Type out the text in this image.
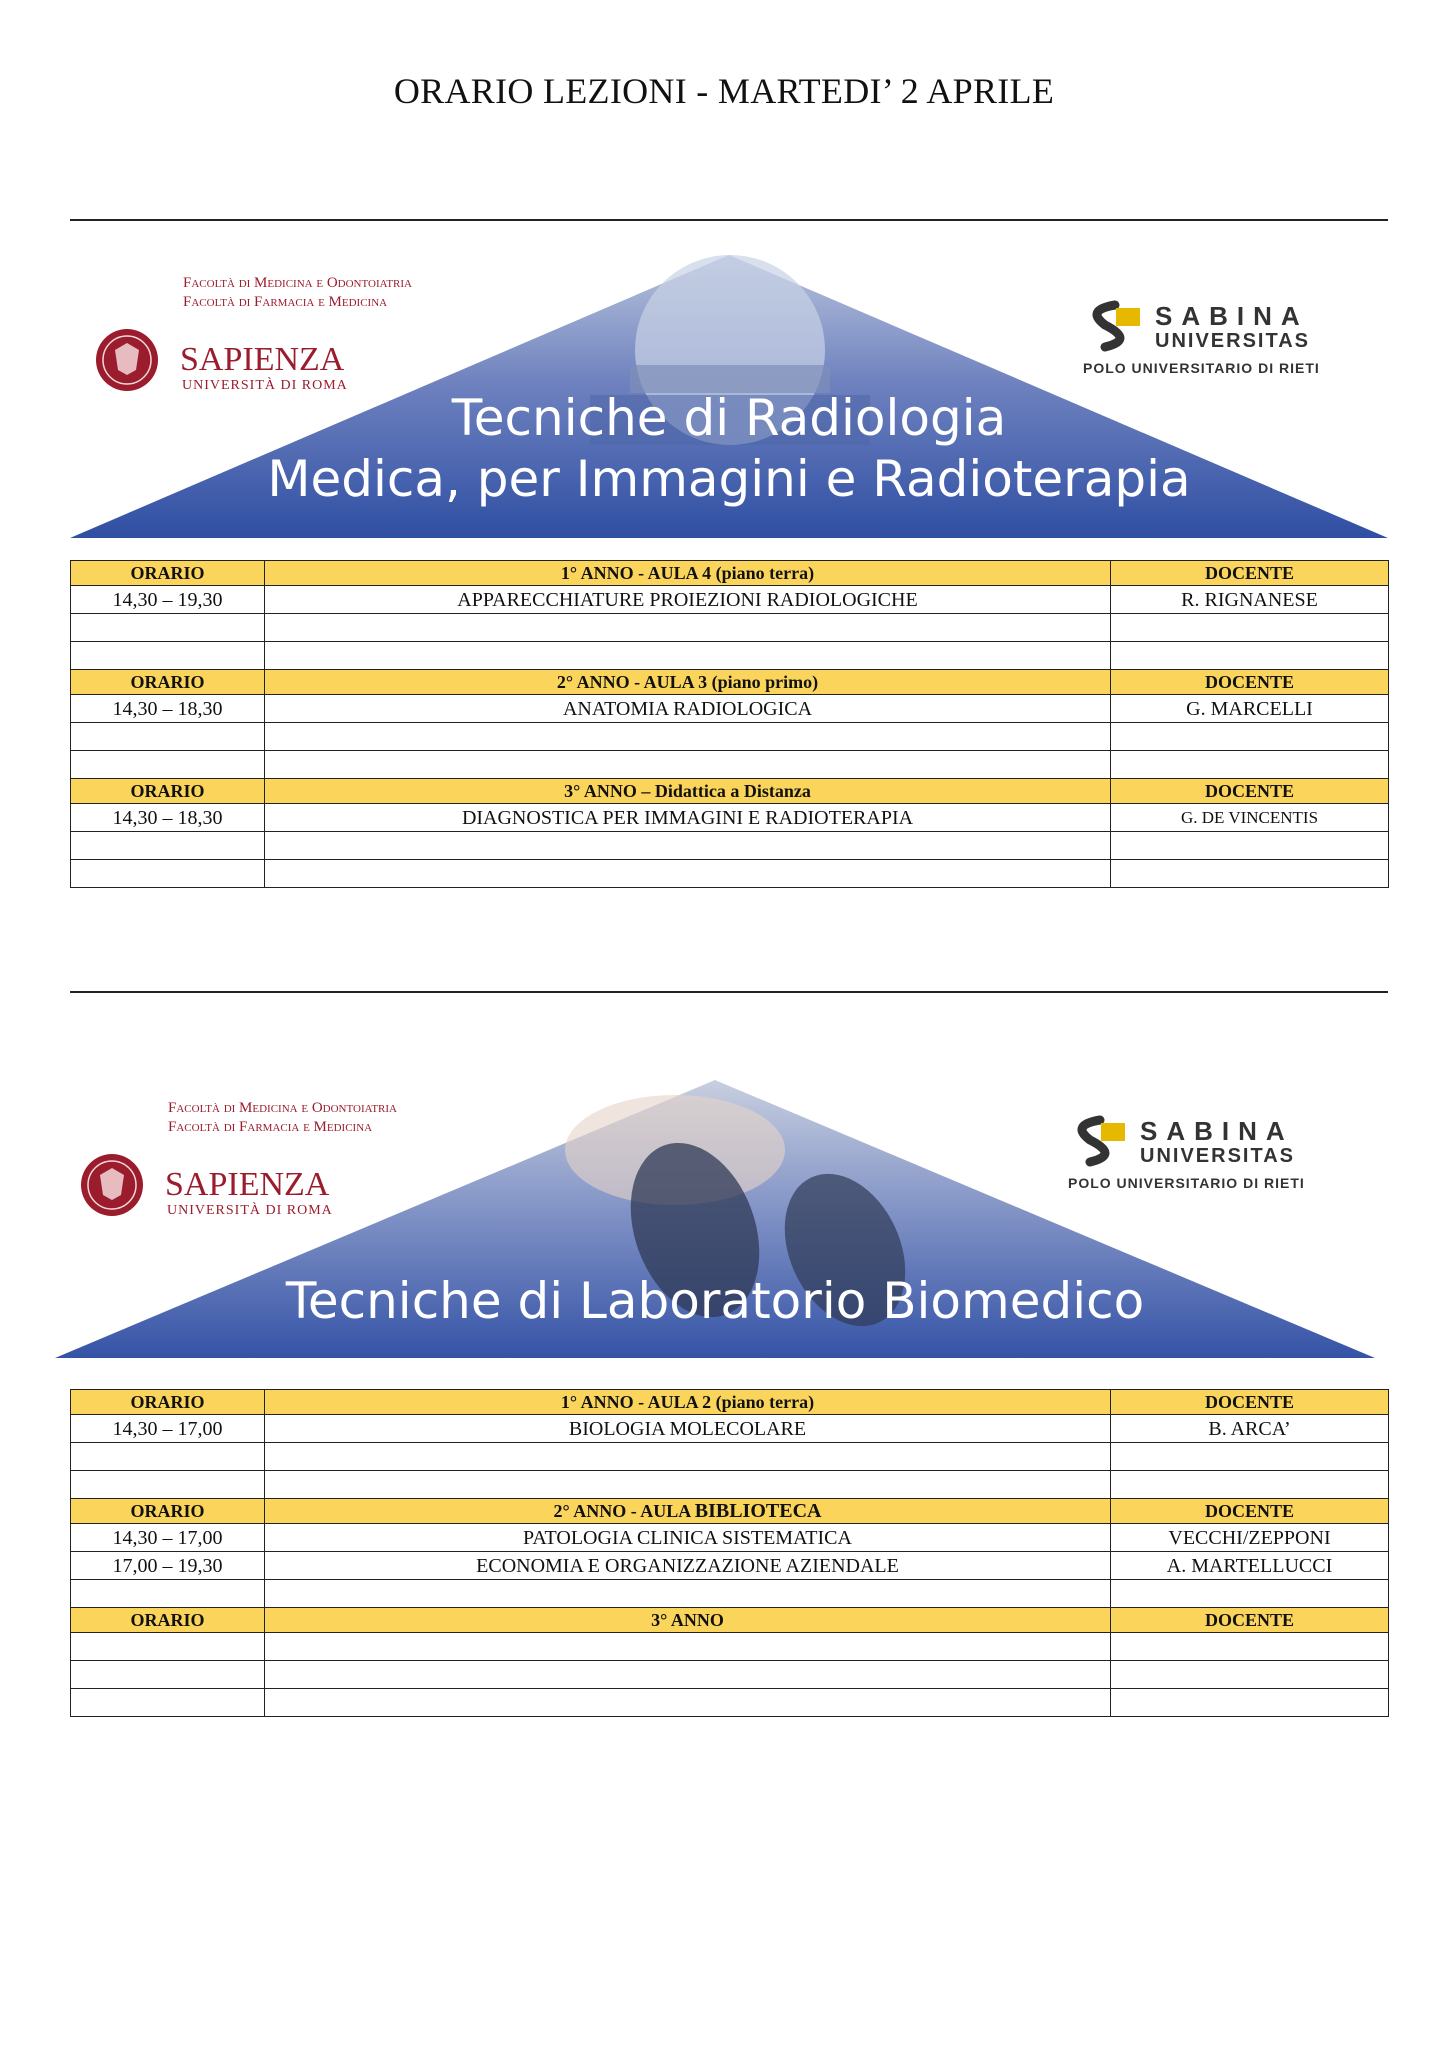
ORARIO LEZIONI - MARTEDI’ 2 APRILE
Facoltà di Medicina e Odontoiatria
Facoltà di Farmacia e Medicina
SAPIENZA
UNIVERSITÀ DI ROMA
SABINA
UNIVERSITAS
POLO UNIVERSITARIO DI RIETI
Tecniche di Radiologia
Medica, per Immagini e Radioterapia
ORARIO	1° ANNO - AULA 4 (piano terra)	DOCENTE
14,30 – 19,30	APPARECCHIATURE PROIEZIONI RADIOLOGICHE	R. RIGNANESE

ORARIO	2° ANNO - AULA 3 (piano primo)	DOCENTE
14,30 – 18,30	ANATOMIA RADIOLOGICA	G. MARCELLI

ORARIO	3° ANNO – Didattica a Distanza	DOCENTE
14,30 – 18,30	DIAGNOSTICA PER IMMAGINI E RADIOTERAPIA	G. DE VINCENTIS

Facoltà di Medicina e Odontoiatria
Facoltà di Farmacia e Medicina
SAPIENZA
UNIVERSITÀ DI ROMA
SABINA
UNIVERSITAS
POLO UNIVERSITARIO DI RIETI
Tecniche di Laboratorio Biomedico
ORARIO	1° ANNO - AULA 2 (piano terra)	DOCENTE
14,30 – 17,00	BIOLOGIA MOLECOLARE	B. ARCA’

ORARIO	2° ANNO - AULA BIBLIOTECA	DOCENTE
14,30 – 17,00	PATOLOGIA CLINICA SISTEMATICA	VECCHI/ZEPPONI
17,00 – 19,30	ECONOMIA E ORGANIZZAZIONE AZIENDALE	A. MARTELLUCCI

ORARIO	3° ANNO	DOCENTE
